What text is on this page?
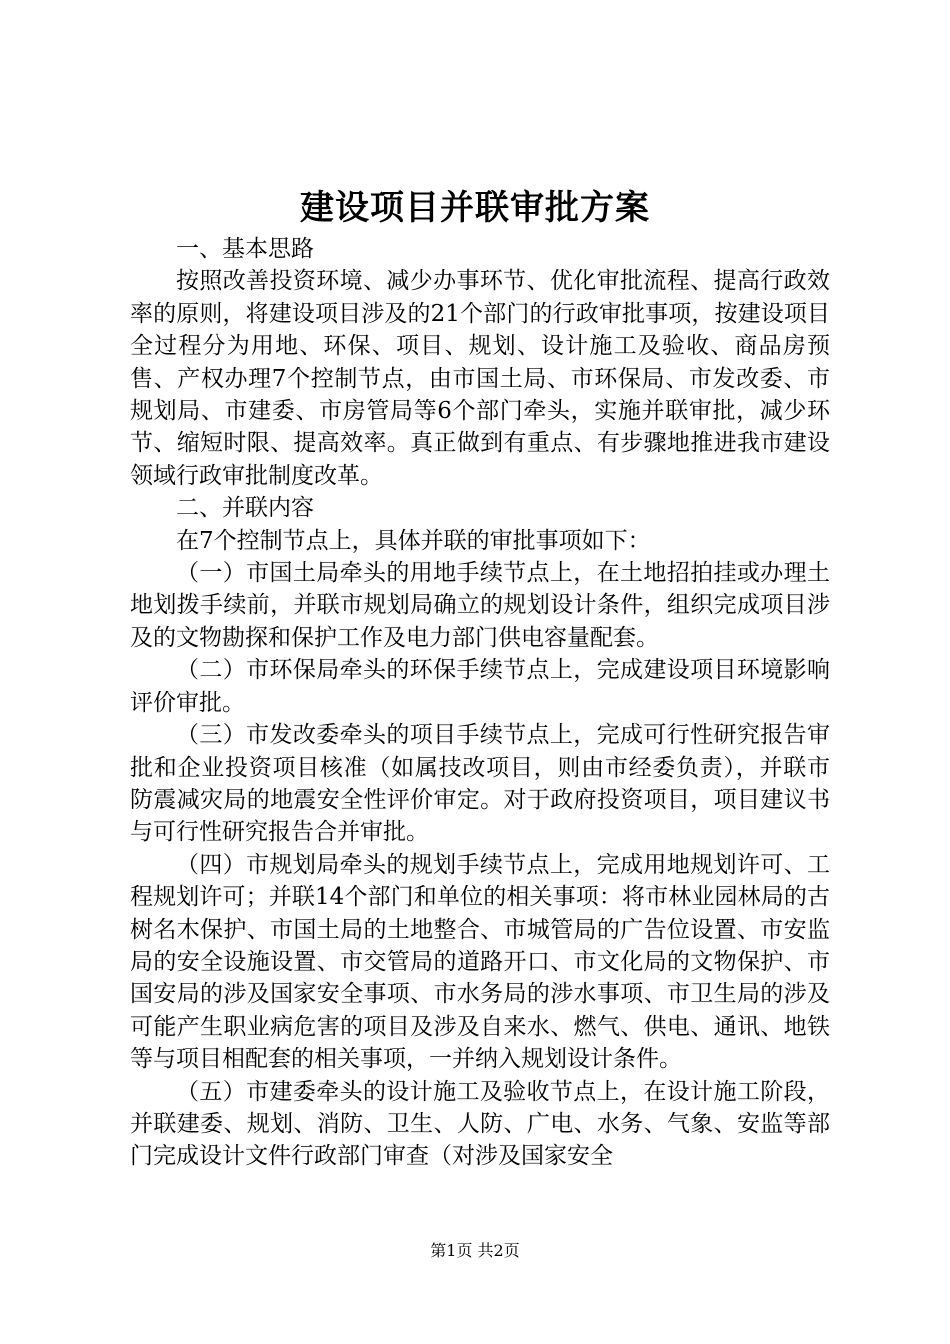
建设项目并联审批方案

一、基本思路

按照改善投资环境、减少办事环节、优化审批流程、提高行政效率的原则，将建设项目涉及的21个部门的行政审批事项，按建设项目全过程分为用地、环保、项目、规划、设计施工及验收、商品房预售、产权办理7个控制节点，由市国土局、市环保局、市发改委、市规划局、市建委、市房管局等6个部门牵头，实施并联审批，减少环节、缩短时限、提高效率。真正做到有重点、有步骤地推进我市建设领域行政审批制度改革。

二、并联内容

在7个控制节点上，具体并联的审批事项如下：

（一）市国土局牵头的用地手续节点上，在土地招拍挂或办理土地划拨手续前，并联市规划局确立的规划设计条件，组织完成项目涉及的文物勘探和保护工作及电力部门供电容量配套。

（二）市环保局牵头的环保手续节点上，完成建设项目环境影响评价审批。

（三）市发改委牵头的项目手续节点上，完成可行性研究报告审批和企业投资项目核准（如属技改项目，则由市经委负责），并联市防震减灾局的地震安全性评价审定。对于政府投资项目，项目建议书与可行性研究报告合并审批。

（四）市规划局牵头的规划手续节点上，完成用地规划许可、工程规划许可；并联14个部门和单位的相关事项：将市林业园林局的古树名木保护、市国土局的土地整合、市城管局的广告位设置、市安监局的安全设施设置、市交管局的道路开口、市文化局的文物保护、市国安局的涉及国家安全事项、市水务局的涉水事项、市卫生局的涉及可能产生职业病危害的项目及涉及自来水、燃气、供电、通讯、地铁等与项目相配套的相关事项，一并纳入规划设计条件。

（五）市建委牵头的设计施工及验收节点上，在设计施工阶段，并联建委、规划、消防、卫生、人防、广电、水务、气象、安监等部门完成设计文件行政部门审查（对涉及国家安全

第1页 共2页
